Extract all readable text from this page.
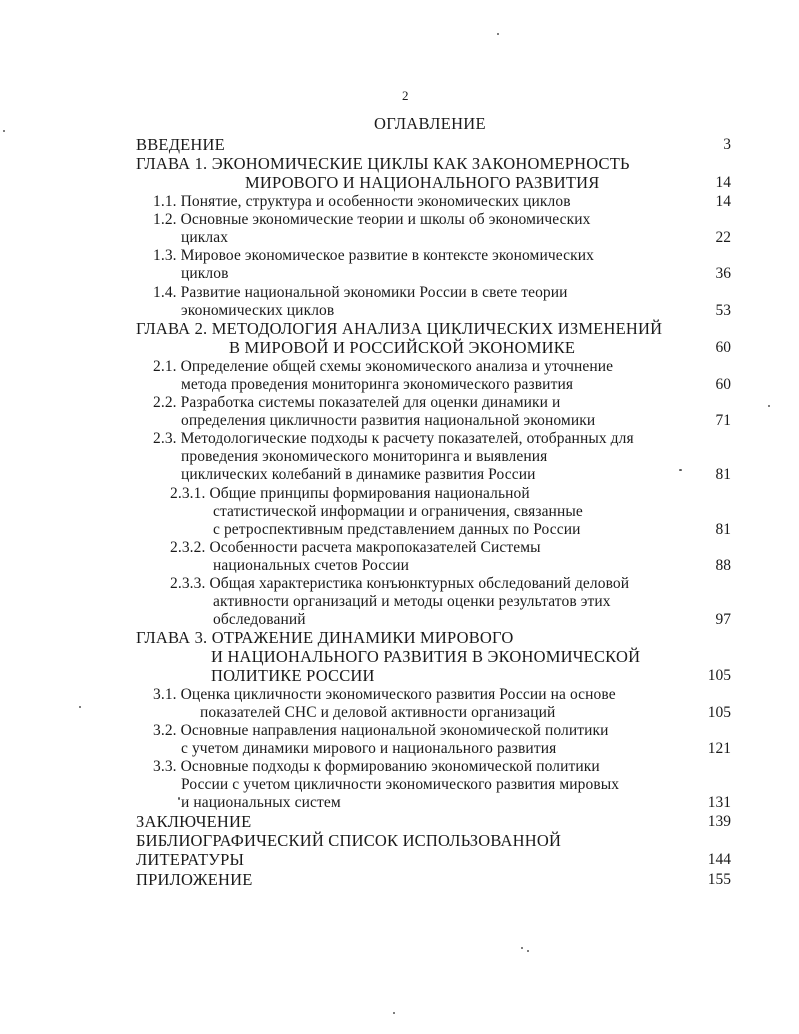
2
ОГЛАВЛЕНИЕ
ВВЕДЕНИЕ	3
ГЛАВА 1. ЭКОНОМИЧЕСКИЕ ЦИКЛЫ КАК ЗАКОНОМЕРНОСТЬ
МИРОВОГО И НАЦИОНАЛЬНОГО РАЗВИТИЯ	14
1.1. Понятие, структура и особенности экономических циклов	14
1.2. Основные экономические теории и школы об экономических
циклах	22
1.3. Мировое экономическое развитие в контексте экономических
циклов	36
1.4. Развитие национальной экономики России в свете теории
экономических циклов	53
ГЛАВА 2. МЕТОДОЛОГИЯ АНАЛИЗА ЦИКЛИЧЕСКИХ ИЗМЕНЕНИЙ
В МИРОВОЙ И РОССИЙСКОЙ ЭКОНОМИКЕ	60
2.1. Определение общей схемы экономического анализа и уточнение
метода проведения мониторинга экономического развития	60
2.2. Разработка системы показателей для оценки динамики и
определения цикличности развития национальной экономики	71
2.3. Методологические подходы к расчету показателей, отобранных для
проведения экономического мониторинга и выявления
циклических колебаний в динамике развития России	81
2.3.1. Общие принципы формирования национальной
статистической информации и ограничения, связанные
с ретроспективным представлением данных по России	81
2.3.2. Особенности расчета макропоказателей Системы
национальных счетов России	88
2.3.3. Общая характеристика конъюнктурных обследований деловой
активности организаций и методы оценки результатов этих
обследований	97
ГЛАВА 3. ОТРАЖЕНИЕ ДИНАМИКИ МИРОВОГО
И НАЦИОНАЛЬНОГО РАЗВИТИЯ В ЭКОНОМИЧЕСКОЙ
ПОЛИТИКЕ РОССИИ	105
3.1. Оценка цикличности экономического развития России на основе
показателей СНС и деловой активности организаций	105
3.2. Основные направления национальной экономической политики
с учетом динамики мирового и национального развития	121
3.3. Основные подходы к формированию экономической политики
России с учетом цикличности экономического развития мировых
и национальных систем	131
ЗАКЛЮЧЕНИЕ	139
БИБЛИОГРАФИЧЕСКИЙ СПИСОК ИСПОЛЬЗОВАННОЙ
ЛИТЕРАТУРЫ	144
ПРИЛОЖЕНИЕ	155
